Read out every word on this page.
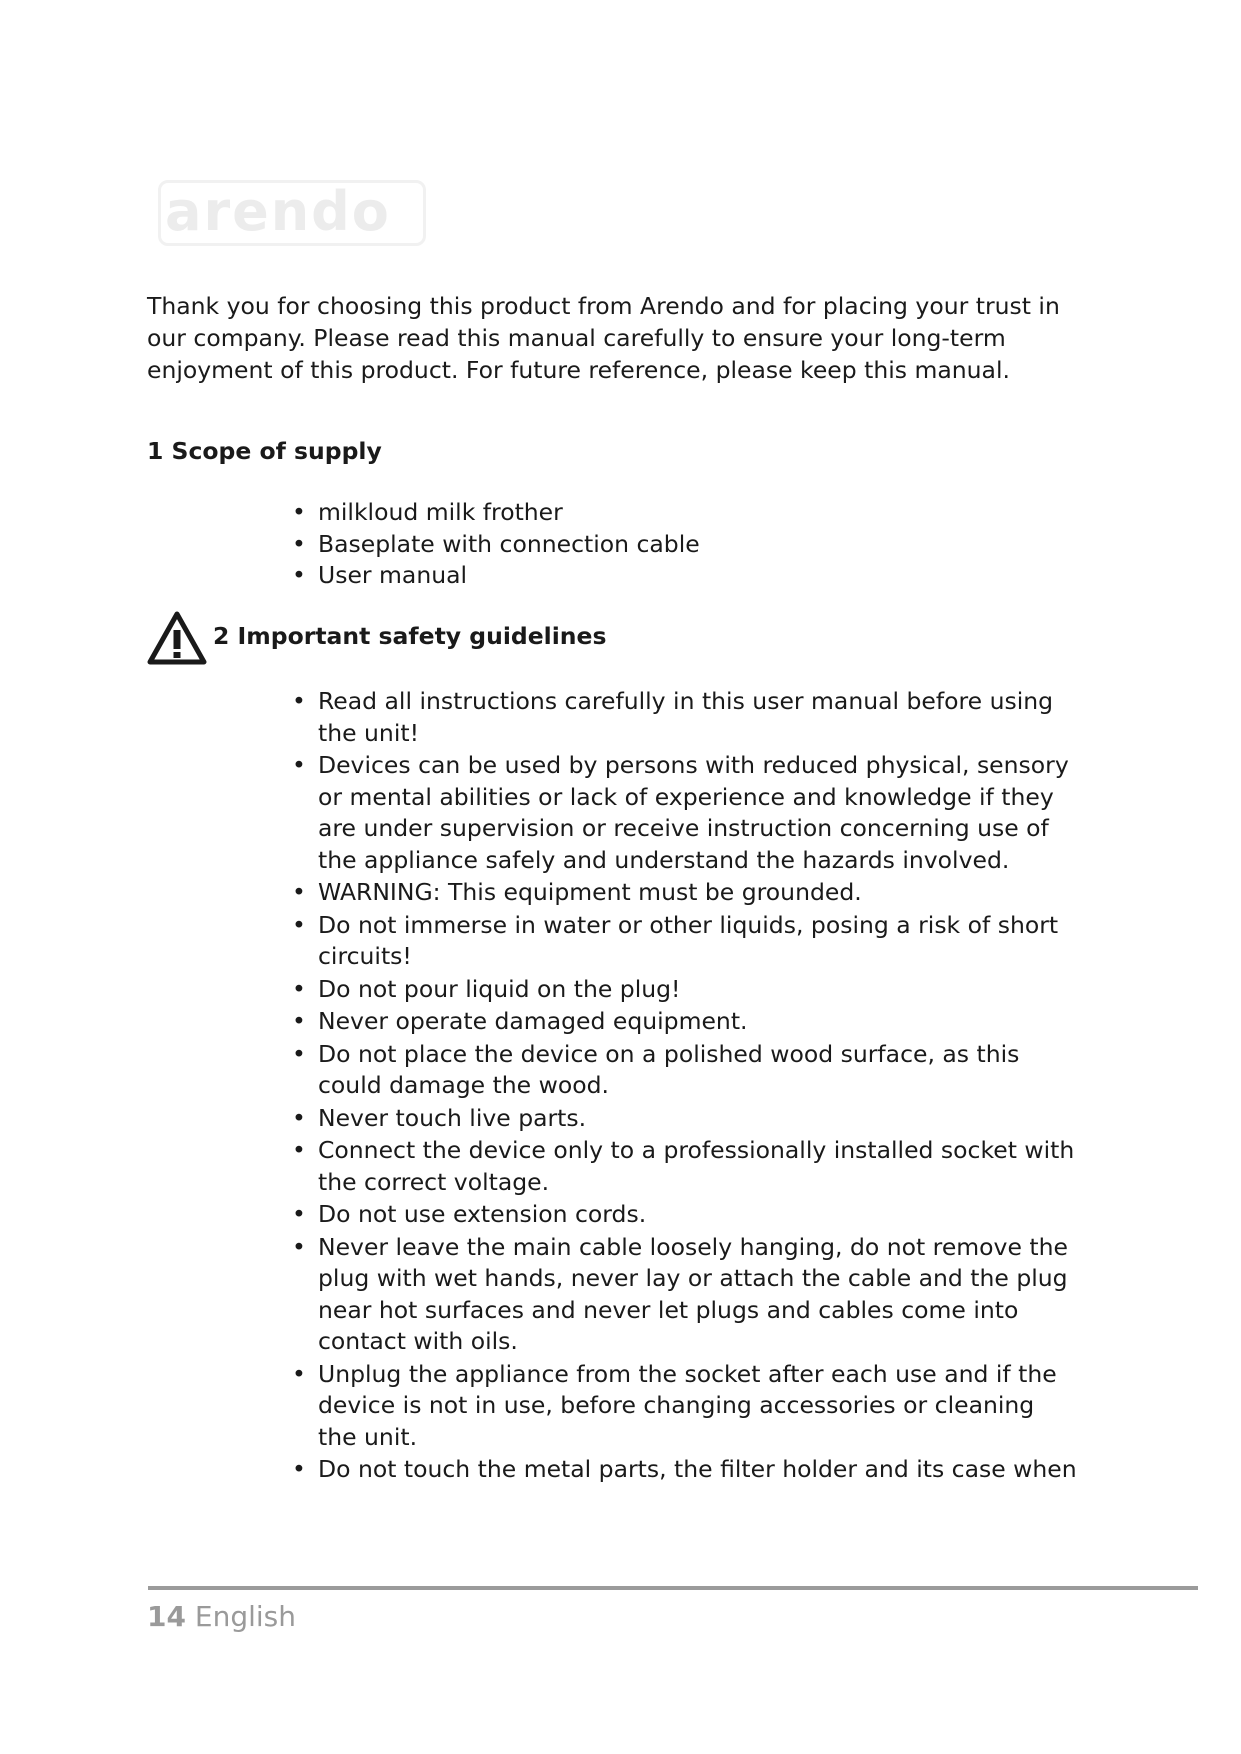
arendo
Thank you for choosing this product from Arendo and for placing your trust in our company. Please read this manual carefully to ensure your long-term enjoyment of this product. For future reference, please keep this manual.
1 Scope of supply
• milkloud milk frother
• Baseplate with connection cable
• User manual
2 Important safety guidelines
• Read all instructions carefully in this user manual before using the unit!
• Devices can be used by persons with reduced physical, sensory or mental abilities or lack of experience and knowledge if they are under supervision or receive instruction concerning use of the appliance safely and understand the hazards involved.
• WARNING: This equipment must be grounded.
• Do not immerse in water or other liquids, posing a risk of short circuits!
• Do not pour liquid on the plug!
• Never operate damaged equipment.
• Do not place the device on a polished wood surface, as this could damage the wood.
• Never touch live parts.
• Connect the device only to a professionally installed socket with the correct voltage.
• Do not use extension cords.
• Never leave the main cable loosely hanging, do not remove the plug with wet hands, never lay or attach the cable and the plug near hot surfaces and never let plugs and cables come into contact with oils.
• Unplug the appliance from the socket after each use and if the device is not in use, before changing accessories or cleaning the unit.
• Do not touch the metal parts, the filter holder and its case when
14 English
